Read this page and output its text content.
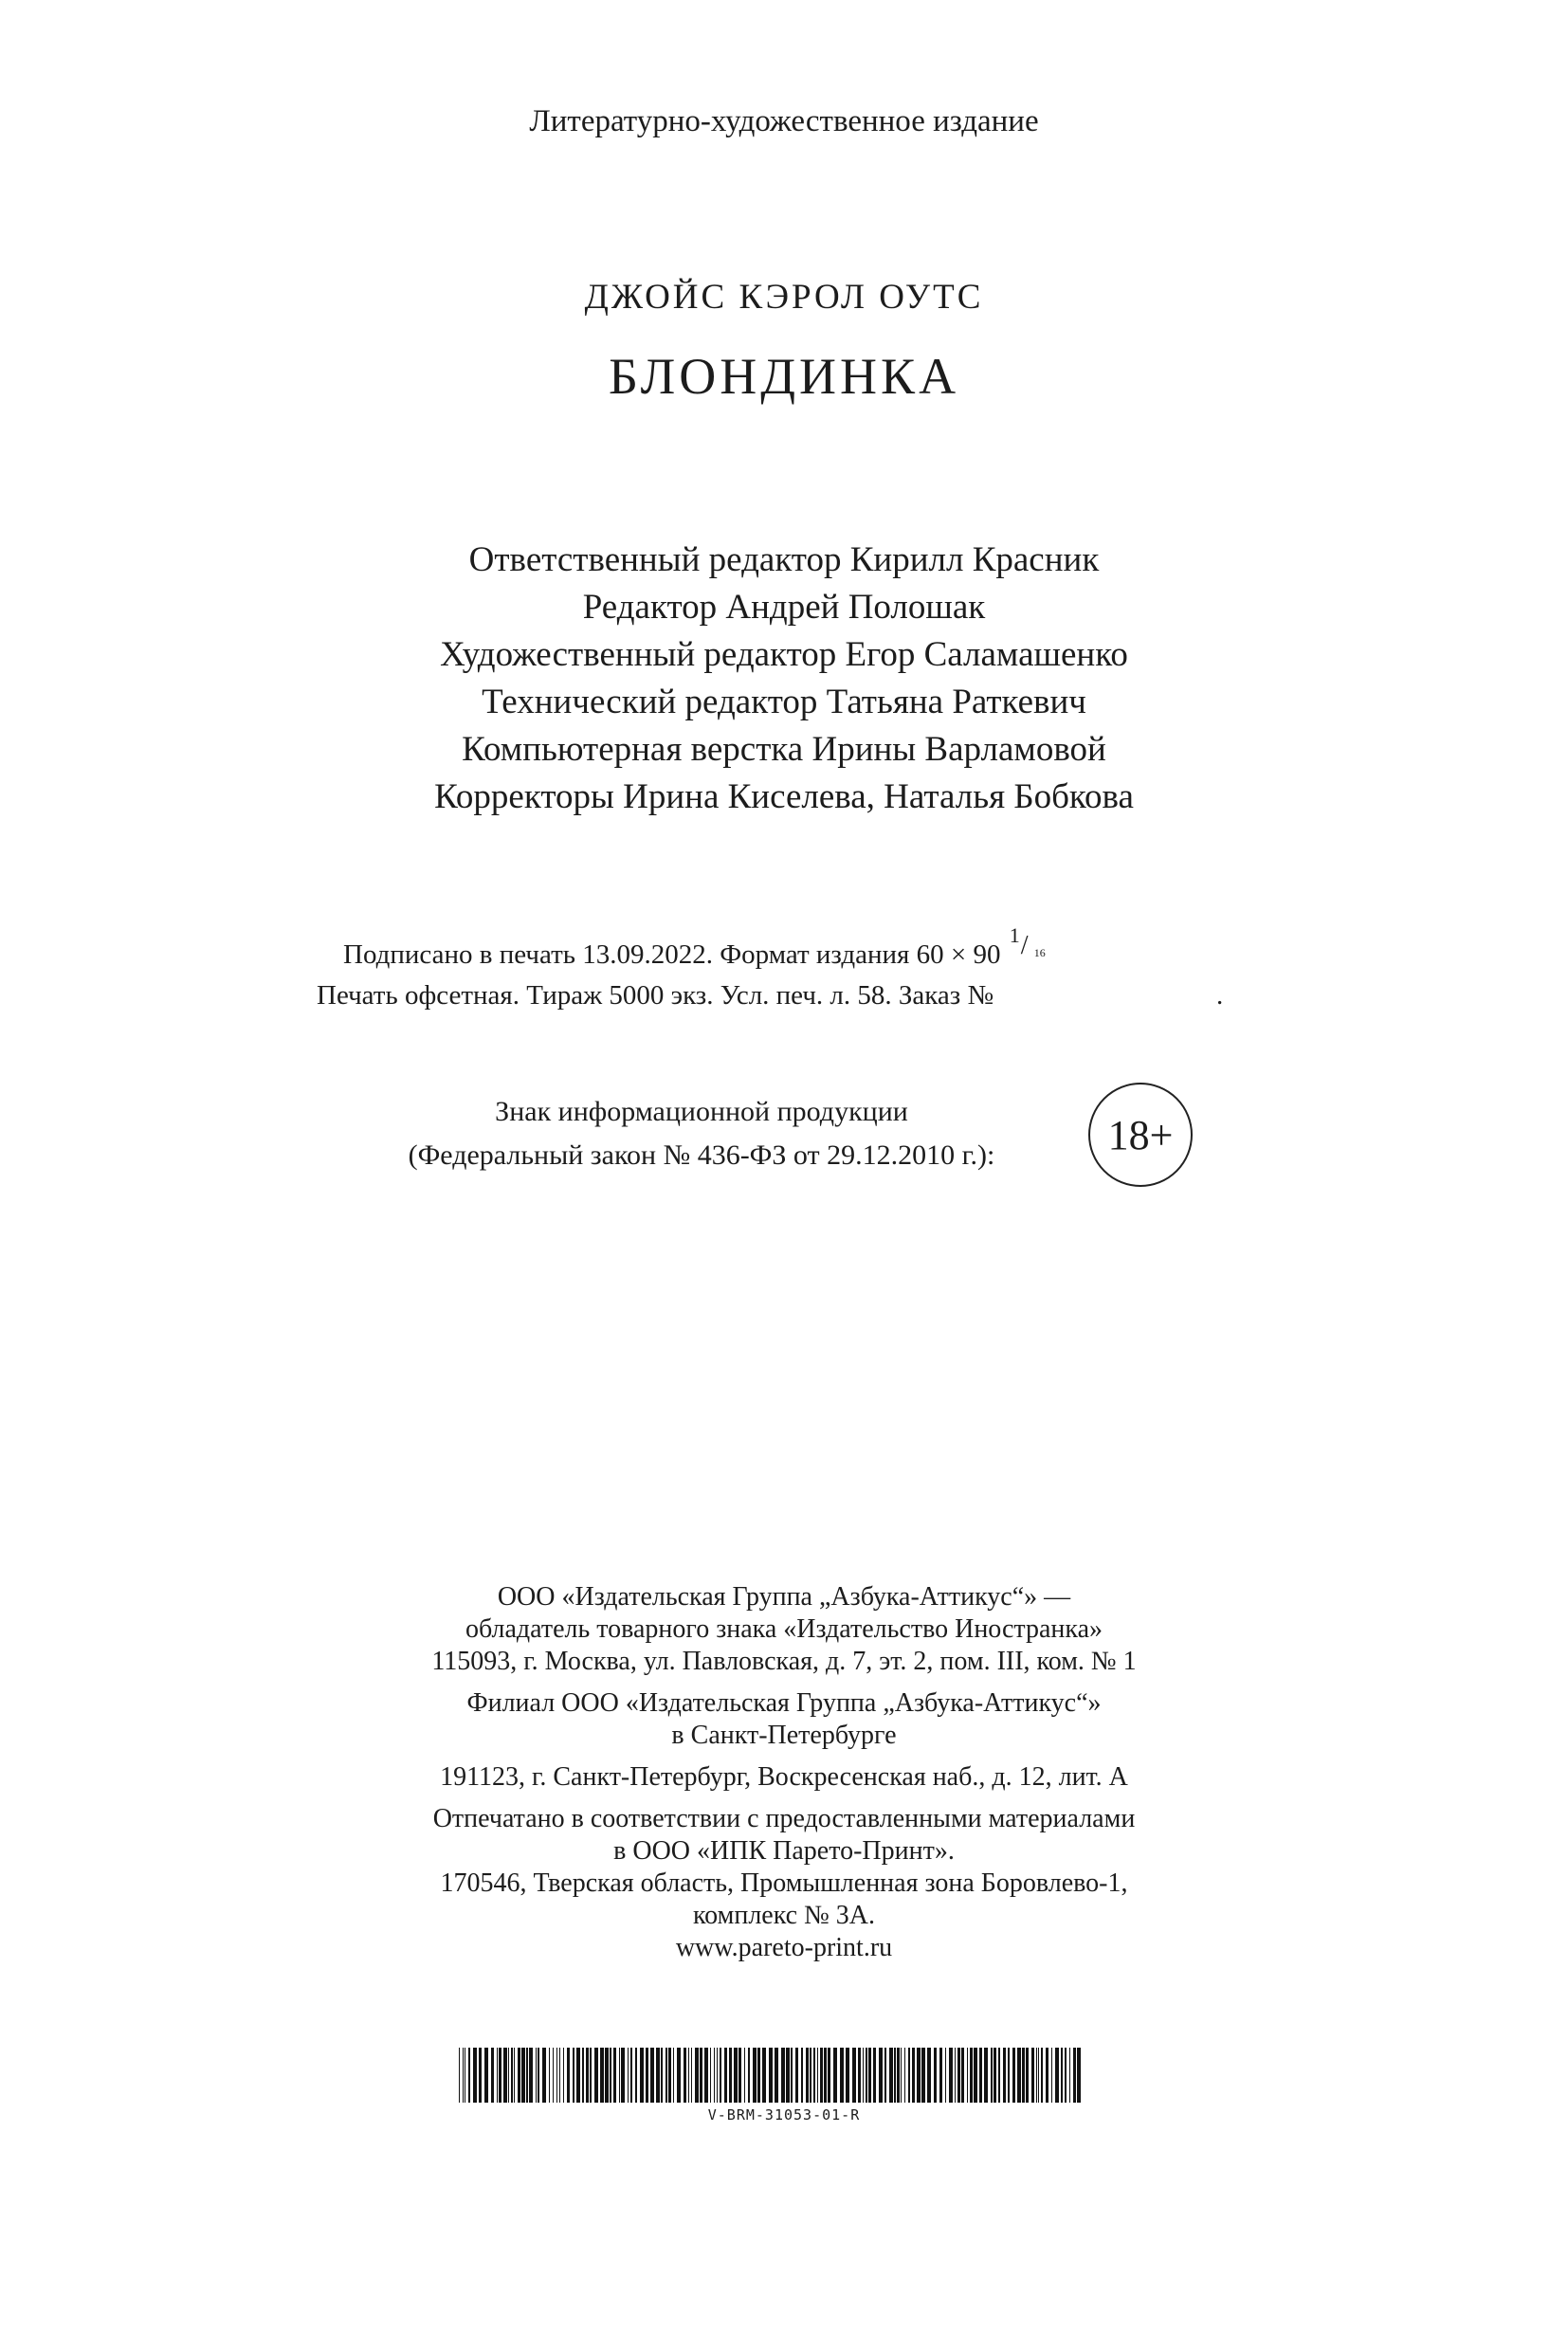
Литературно-художественное издание
ДЖОЙС КЭРОЛ ОУТС
БЛОНДИНКА
Ответственный редактор Кирилл Красник
Редактор Андрей Полошак
Художественный редактор Егор Саламашенко
Технический редактор Татьяна Раткевич
Компьютерная верстка Ирины Варламовой
Корректоры Ирина Киселева, Наталья Бобкова
Подписано в печать 13.09.2022. Формат издания 60 × 90
1 / 16
Печать офсетная. Тираж 5000 экз. Усл. печ. л. 58. Заказ №	.
Знак информационной продукции
(Федеральный закон № 436-ФЗ от 29.12.2010 г.):	18+
ООО «Издательская Группа „Азбука-Аттикус“» —
обладатель товарного знака «Издательство Иностранка»
115093, г. Москва, ул. Павловская, д. 7, эт. 2, пом. III, ком. № 1
Филиал ООО «Издательская Группа „Азбука-Аттикус“»
в Санкт-Петербурге
191123, г. Санкт-Петербург, Воскресенская наб., д. 12, лит. А
Отпечатано в соответствии с предоставленными материалами
в ООО «ИПК Парето-Принт».
170546, Тверская область, Промышленная зона Боровлево-1,
комплекс № 3А.
www.pareto-print.ru
V-BRM-31053-01-R
